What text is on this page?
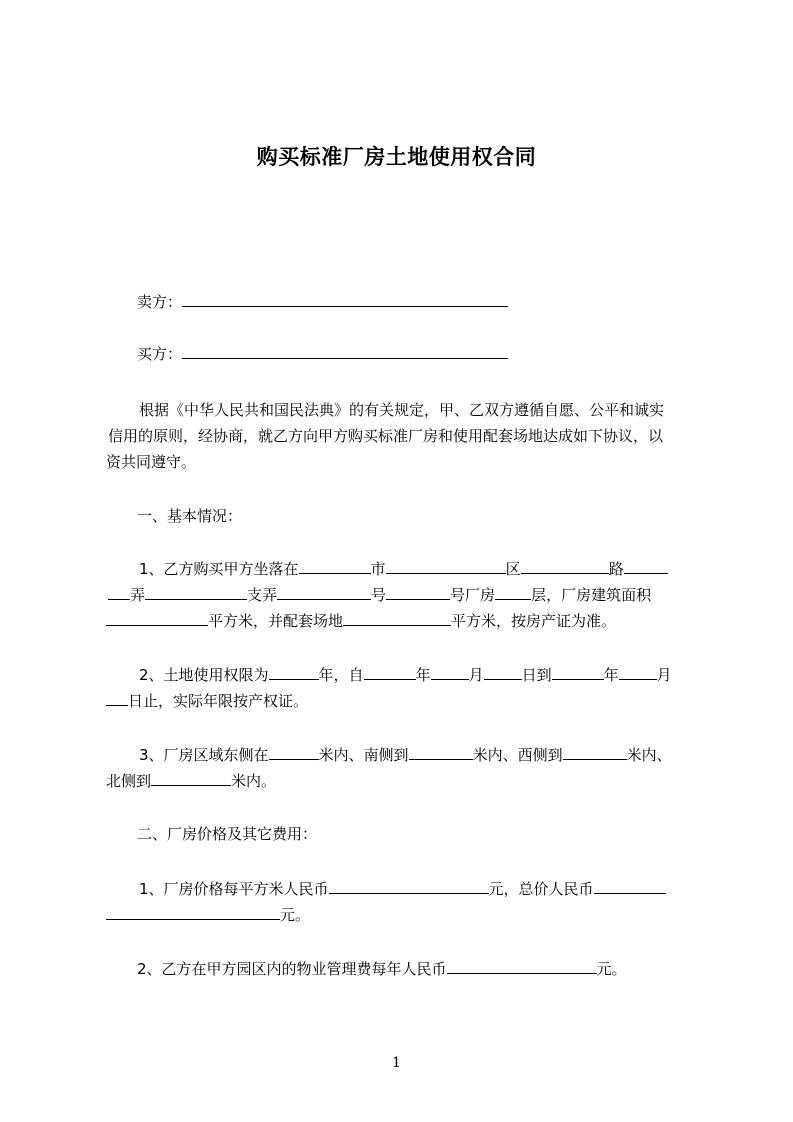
购买标准厂房土地使用权合同

卖方：

买方：

根据《中华人民共和国民法典》的有关规定，甲、乙双方遵循自愿、公平和诚实

信用的原则，经协商，就乙方向甲方购买标准厂房和使用配套场地达成如下协议，以

资共同遵守。

一、基本情况：

1、乙方购买甲方坐落在	市	区	路

弄	支弄	号	号厂房 层，厂房建筑面积

平方米，并配套场地	平方米，按房产证为准。

2、土地使用权限为	年，自	年	月	日到	年	月

日止，实际年限按产权证。

3、厂房区域东侧在	米内、南侧到	米内、西侧到	米内、

北侧到	米内。

二、厂房价格及其它费用：

1、厂房价格每平方米人民币	元，总价人民币

元。

2、乙方在甲方园区内的物业管理费每年人民币	元。

1
